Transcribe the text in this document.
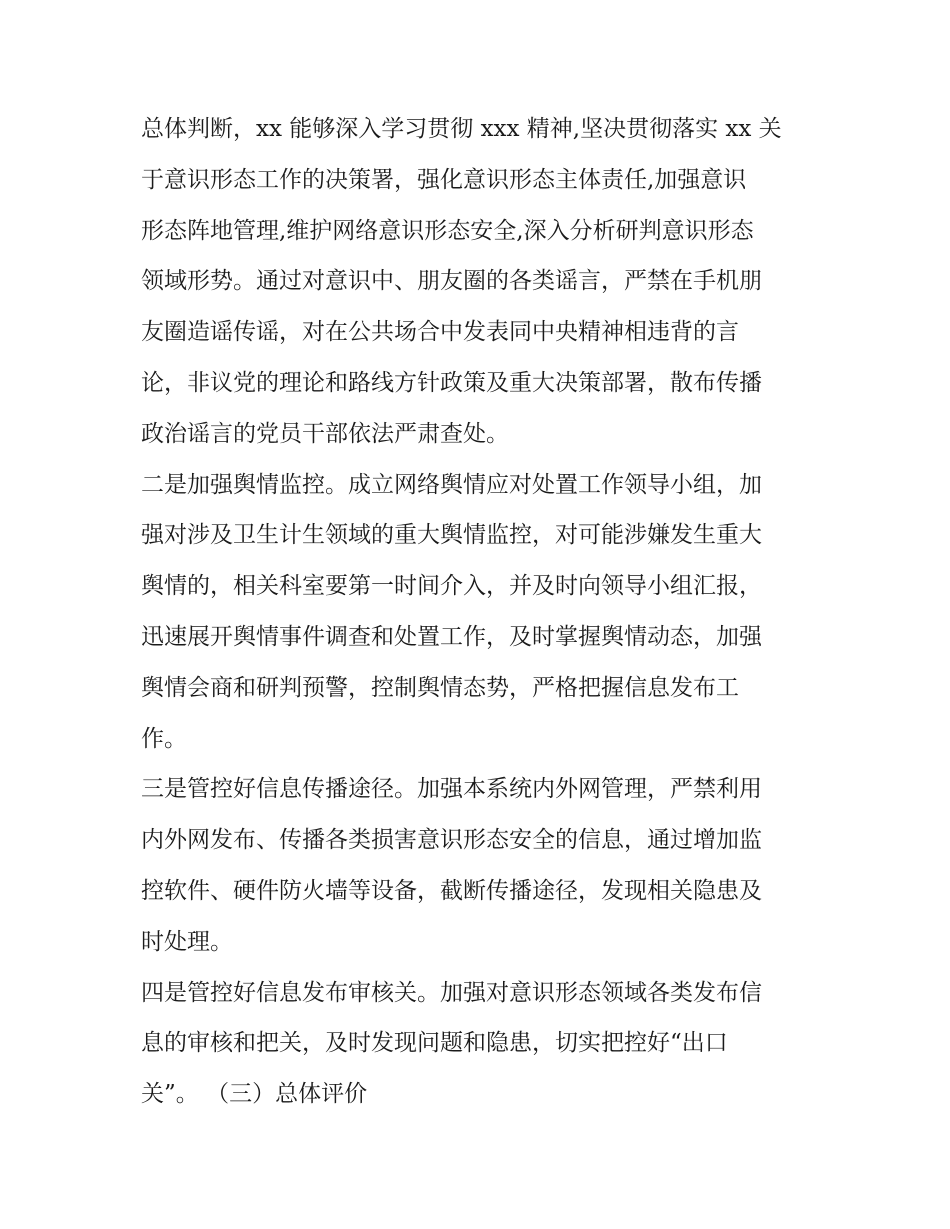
总体判断，xx 能够深入学习贯彻 xxx 精神,坚决贯彻落实 xx 关
于意识形态工作的决策署，强化意识形态主体责任,加强意识
形态阵地管理,维护网络意识形态安全,深入分析研判意识形态
领域形势。通过对意识中、朋友圈的各类谣言，严禁在手机朋
友圈造谣传谣，对在公共场合中发表同中央精神相违背的言
论，非议党的理论和路线方针政策及重大决策部署，散布传播
政治谣言的党员干部依法严肃查处。
二是加强舆情监控。成立网络舆情应对处置工作领导小组，加
强对涉及卫生计生领域的重大舆情监控，对可能涉嫌发生重大
舆情的，相关科室要第一时间介入，并及时向领导小组汇报，
迅速展开舆情事件调查和处置工作，及时掌握舆情动态，加强
舆情会商和研判预警，控制舆情态势，严格把握信息发布工
作。
三是管控好信息传播途径。加强本系统内外网管理，严禁利用
内外网发布、传播各类损害意识形态安全的信息，通过增加监
控软件、硬件防火墙等设备，截断传播途径，发现相关隐患及
时处理。
四是管控好信息发布审核关。加强对意识形态领域各类发布信
息的审核和把关，及时发现问题和隐患，切实把控好“出口
关”。 （三）总体评价
